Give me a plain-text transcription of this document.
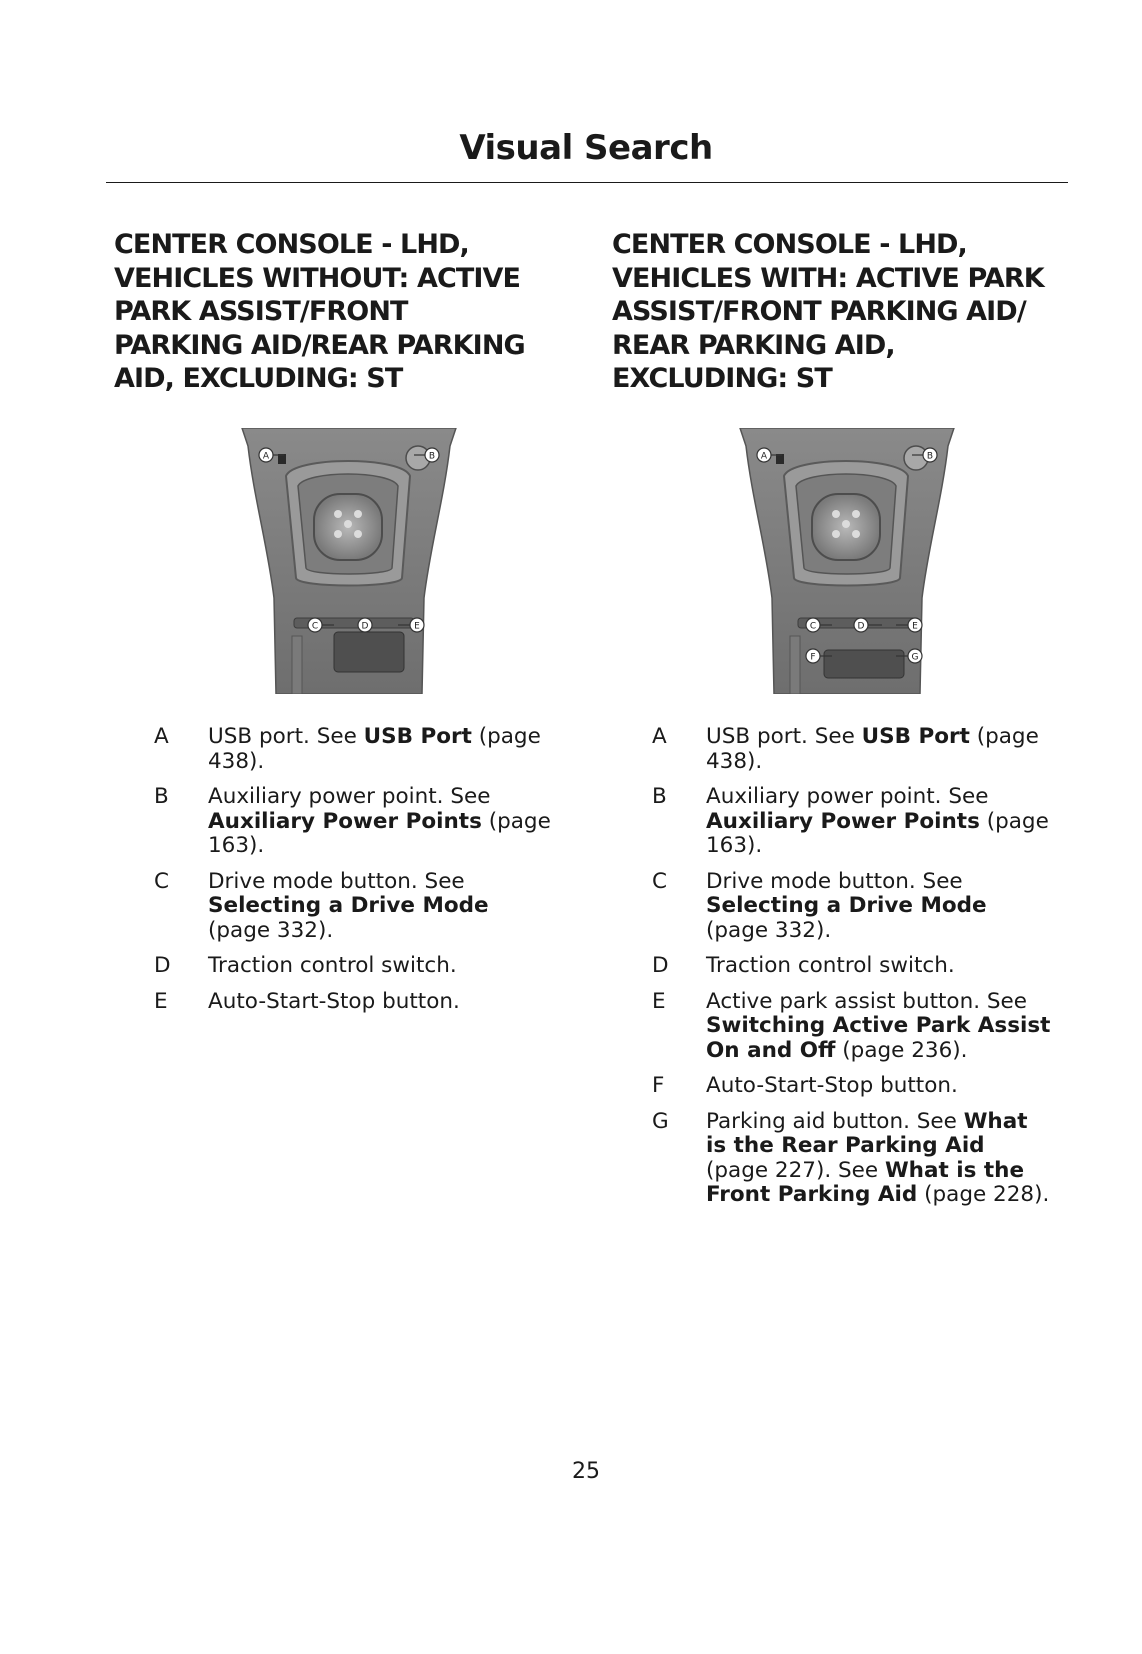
Visual Search
CENTER CONSOLE - LHD,
VEHICLES WITHOUT: ACTIVE
PARK ASSIST/FRONT
PARKING AID/REAR PARKING
AID, EXCLUDING: ST
A	B
C	D	E
A	USB port. See USB Port (page 438).
B	Auxiliary power point. See Auxiliary Power Points (page 163).
C	Drive mode button. See Selecting a Drive Mode (page 332).
D	Traction control switch.
E	Auto-Start-Stop button.
CENTER CONSOLE - LHD,
VEHICLES WITH: ACTIVE PARK
ASSIST/FRONT PARKING AID/
REAR PARKING AID,
EXCLUDING: ST
A	B
C	D	E
F	G
A	USB port. See USB Port (page 438).
B	Auxiliary power point. See Auxiliary Power Points (page 163).
C	Drive mode button. See Selecting a Drive Mode (page 332).
D	Traction control switch.
E	Active park assist button. See Switching Active Park Assist On and Off (page 236).
F	Auto-Start-Stop button.
G	Parking aid button. See What is the Rear Parking Aid (page 227). See What is the Front Parking Aid (page 228).
25
